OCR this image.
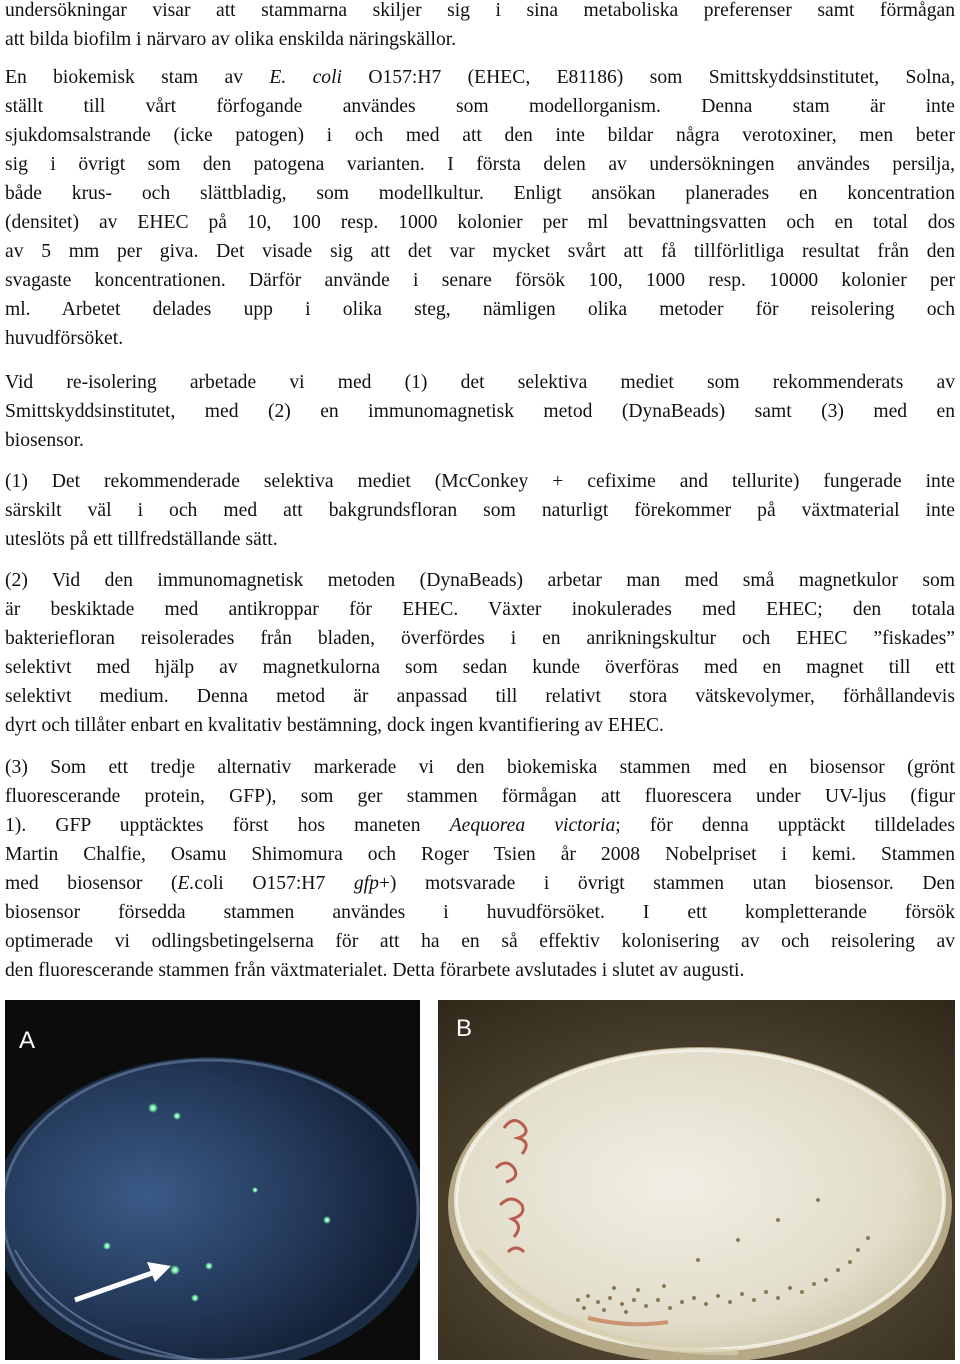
undersökningar visar att stammarna skiljer sig i sina metaboliska preferenser samt förmågan
att bilda biofilm i närvaro av olika enskilda näringskällor.

En biokemisk stam av E. coli O157:H7 (EHEC, E81186) som Smittskyddsinstitutet, Solna,
ställt till vårt förfogande användes som modellorganism. Denna stam är inte
sjukdomsalstrande (icke patogen) i och med att den inte bildar några verotoxiner, men beter
sig i övrigt som den patogena varianten. I första delen av undersökningen användes persilja,
både krus- och slättbladig, som modellkultur. Enligt ansökan planerades en koncentration
(densitet) av EHEC på 10, 100 resp. 1000 kolonier per ml bevattningsvatten och en total dos
av 5 mm per giva. Det visade sig att det var mycket svårt att få tillförlitliga resultat från den
svagaste koncentrationen. Därför använde i senare försök 100, 1000 resp. 10000 kolonier per
ml. Arbetet delades upp i olika steg, nämligen olika metoder för reisolering och
huvudförsöket.

Vid re-isolering arbetade vi med (1) det selektiva mediet som rekommenderats av
Smittskyddsinstitutet, med (2) en immunomagnetisk metod (DynaBeads) samt (3) med en
biosensor.

(1) Det rekommenderade selektiva mediet (McConkey + cefixime and tellurite) fungerade inte
särskilt väl i och med att bakgrundsfloran som naturligt förekommer på växtmaterial inte
uteslöts på ett tillfredställande sätt.

(2) Vid den immunomagnetisk metoden (DynaBeads) arbetar man med små magnetkulor som
är beskiktade med antikroppar för EHEC. Växter inokulerades med EHEC; den totala
bakteriefloran reisolerades från bladen, överfördes i en anrikningskultur och EHEC ”fiskades”
selektivt med hjälp av magnetkulorna som sedan kunde överföras med en magnet till ett
selektivt medium. Denna metod är anpassad till relativt stora vätskevolymer, förhållandevis
dyrt och tillåter enbart en kvalitativ bestämning, dock ingen kvantifiering av EHEC.

(3) Som ett tredje alternativ markerade vi den biokemiska stammen med en biosensor (grönt
fluorescerande protein, GFP), som ger stammen förmågan att fluorescera under UV-ljus (figur
1). GFP upptäcktes först hos maneten Aequorea victoria; för denna upptäckt tilldelades
Martin Chalfie, Osamu Shimomura och Roger Tsien år 2008 Nobelpriset i kemi. Stammen
med biosensor (E.coli O157:H7 gfp+) motsvarade i övrigt stammen utan biosensor. Den
biosensor försedda stammen användes i huvudförsöket. I ett kompletterande försök
optimerade vi odlingsbetingelserna för att ha en så effektiv kolonisering av och reisolering av
den fluorescerande stammen från växtmaterialet. Detta förarbete avslutades i slutet av augusti.

A	B
